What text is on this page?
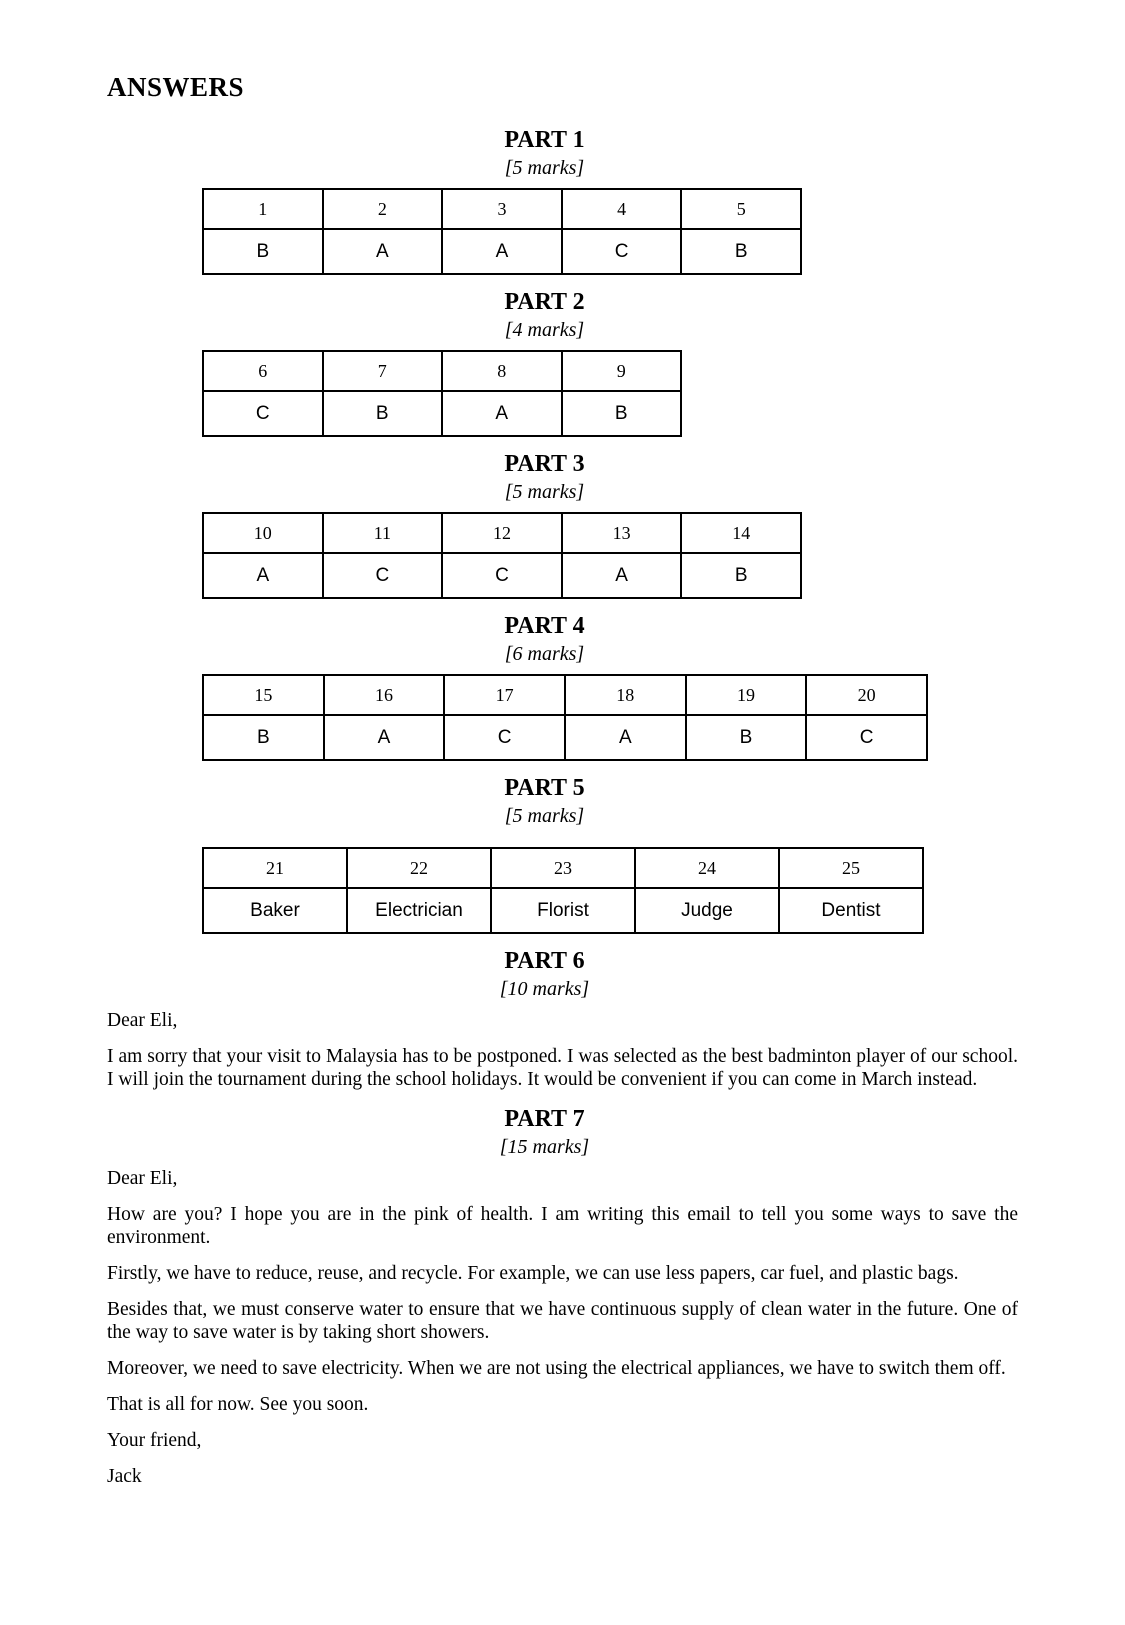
ANSWERS
PART 1
[5 marks]
1	2	3	4	5
B	A	A	C	B
PART 2
[4 marks]
6	7	8	9
C	B	A	B
PART 3
[5 marks]
10	11	12	13	14
A	C	C	A	B
PART 4
[6 marks]
15	16	17	18	19	20
B	A	C	A	B	C
PART 5
[5 marks]
21	22	23	24	25
Baker	Electrician	Florist	Judge	Dentist
PART 6
[10 marks]

Dear Eli,

I am sorry that your visit to Malaysia has to be postponed. I was selected as the best badminton player of our school. I will join the tournament during the school holidays. It would be convenient if you can come in March instead.

PART 7
[15 marks]

Dear Eli,

How are you? I hope you are in the pink of health. I am writing this email to tell you some ways to save the environment.

Firstly, we have to reduce, reuse, and recycle. For example, we can use less papers, car fuel, and plastic bags.

Besides that, we must conserve water to ensure that we have continuous supply of clean water in the future. One of the way to save water is by taking short showers.

Moreover, we need to save electricity. When we are not using the electrical appliances, we have to switch them off.

That is all for now. See you soon.

Your friend,

Jack
